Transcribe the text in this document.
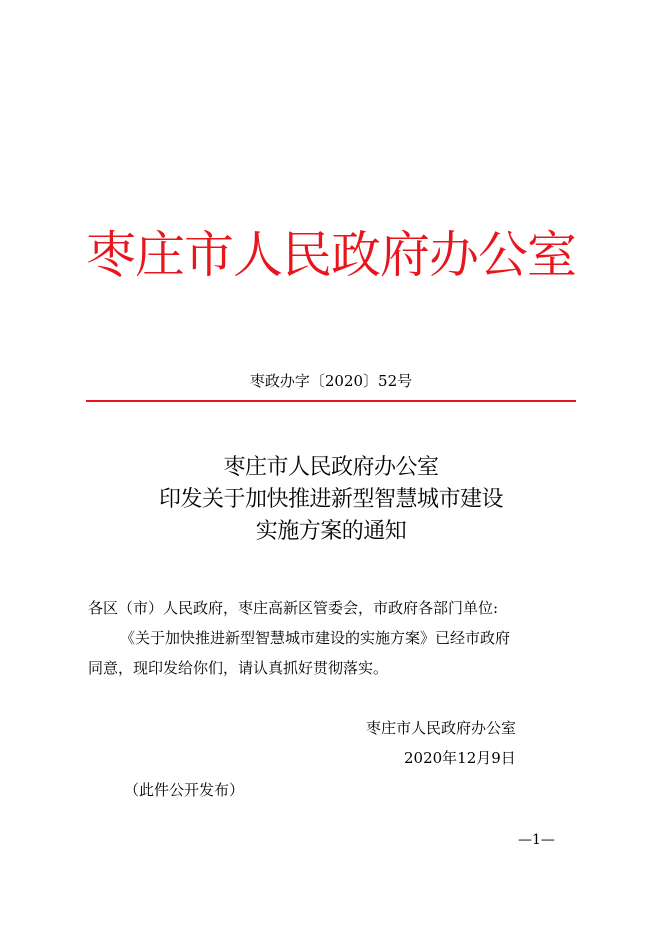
枣庄市人民政府办公室
枣政办字〔2020〕52号
枣庄市人民政府办公室
印发关于加快推进新型智慧城市建设
实施方案的通知
各区（市）人民政府，枣庄高新区管委会，市政府各部门单位:
《关于加快推进新型智慧城市建设的实施方案》已经市政府
同意，现印发给你们，请认真抓好贯彻落实。
枣庄市人民政府办公室
2020年12月9日
（此件公开发布）
—1—
